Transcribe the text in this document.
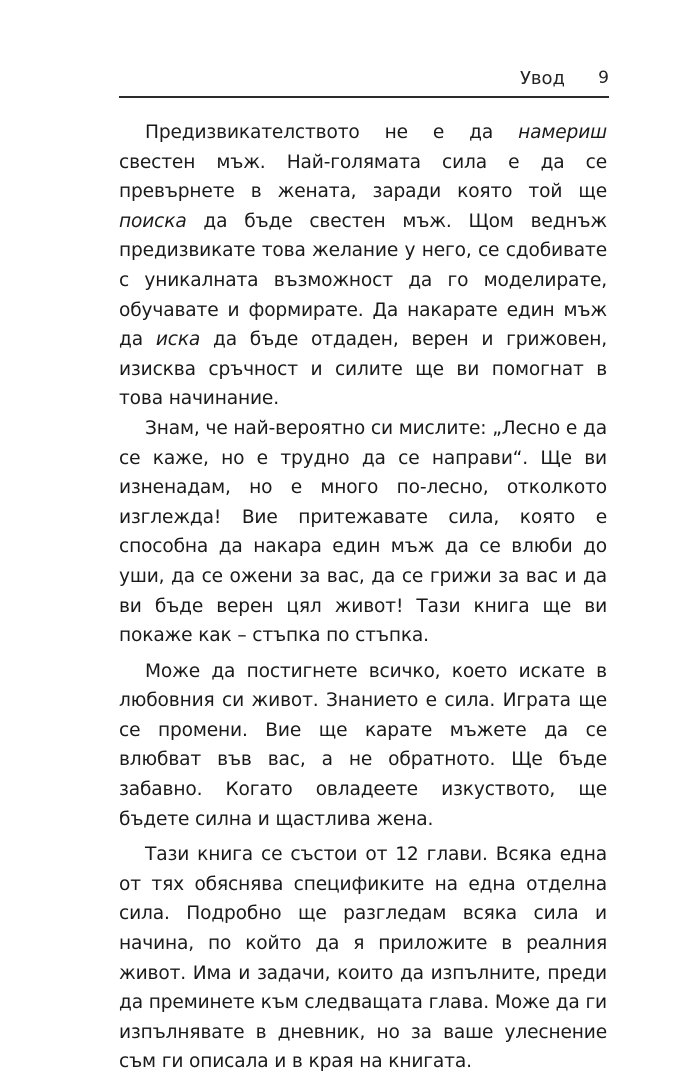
Увод 9

Предизвикателството не е да намериш свестен мъж. Най-голямата сила е да се превърнете в жената, заради която той ще поиска да бъде свестен мъж. Щом веднъж предизвикате това желание у него, се сдобивате с уникалната възможност да го моделирате, обучавате и формирате. Да накарате един мъж да иска да бъде отдаден, верен и грижовен, изисква сръчност и силите ще ви помогнат в това начинание.

Знам, че най-вероятно си мислите: „Лесно е да се каже, но е трудно да се направи“. Ще ви изненадам, но е много по-лесно, отколкото изглежда! Вие притежавате сила, която е способна да накара един мъж да се влюби до уши, да се ожени за вас, да се грижи за вас и да ви бъде верен цял живот! Тази книга ще ви покаже как – стъпка по стъпка.

Може да постигнете всичко, което искате в любовния си живот. Знанието е сила. Играта ще се промени. Вие ще карате мъжете да се влюбват във вас, а не обратното. Ще бъде забавно. Когато овладеете изкуството, ще бъдете силна и щастлива жена.

Тази книга се състои от 12 глави. Всяка една от тях обяснява спецификите на една отделна сила. Подробно ще разгледам всяка сила и начина, по който да я приложите в реалния живот. Има и задачи, които да изпълните, преди да преминете към следващата глава. Може да ги изпълнявате в дневник, но за ваше улеснение съм ги описала и в края на книгата.
